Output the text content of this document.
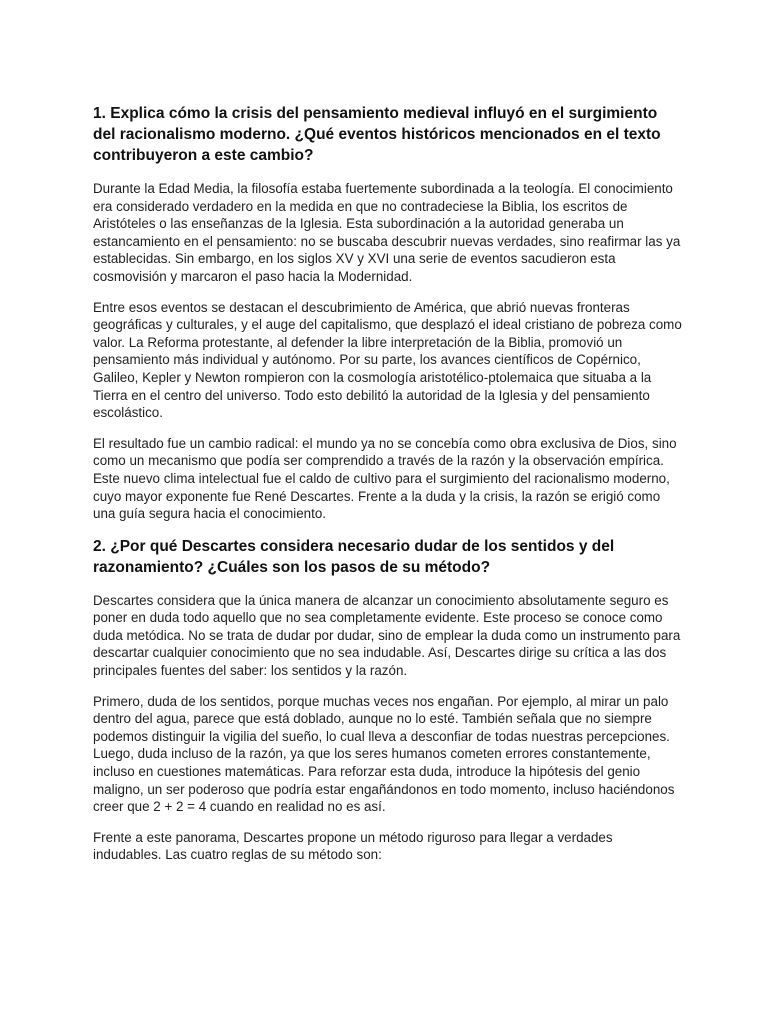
1. Explica cómo la crisis del pensamiento medieval influyó en el surgimiento del racionalismo moderno. ¿Qué eventos históricos mencionados en el texto contribuyeron a este cambio?

Durante la Edad Media, la filosofía estaba fuertemente subordinada a la teología. El conocimiento era considerado verdadero en la medida en que no contradeciese la Biblia, los escritos de Aristóteles o las enseñanzas de la Iglesia. Esta subordinación a la autoridad generaba un estancamiento en el pensamiento: no se buscaba descubrir nuevas verdades, sino reafirmar las ya establecidas. Sin embargo, en los siglos XV y XVI una serie de eventos sacudieron esta cosmovisión y marcaron el paso hacia la Modernidad.

Entre esos eventos se destacan el descubrimiento de América, que abrió nuevas fronteras geográficas y culturales, y el auge del capitalismo, que desplazó el ideal cristiano de pobreza como valor. La Reforma protestante, al defender la libre interpretación de la Biblia, promovió un pensamiento más individual y autónomo. Por su parte, los avances científicos de Copérnico, Galileo, Kepler y Newton rompieron con la cosmología aristotélico-ptolemaica que situaba a la Tierra en el centro del universo. Todo esto debilitó la autoridad de la Iglesia y del pensamiento escolástico.

El resultado fue un cambio radical: el mundo ya no se concebía como obra exclusiva de Dios, sino como un mecanismo que podía ser comprendido a través de la razón y la observación empírica. Este nuevo clima intelectual fue el caldo de cultivo para el surgimiento del racionalismo moderno, cuyo mayor exponente fue René Descartes. Frente a la duda y la crisis, la razón se erigió como una guía segura hacia el conocimiento.

2. ¿Por qué Descartes considera necesario dudar de los sentidos y del razonamiento? ¿Cuáles son los pasos de su método?

Descartes considera que la única manera de alcanzar un conocimiento absolutamente seguro es poner en duda todo aquello que no sea completamente evidente. Este proceso se conoce como duda metódica. No se trata de dudar por dudar, sino de emplear la duda como un instrumento para descartar cualquier conocimiento que no sea indudable. Así, Descartes dirige su crítica a las dos principales fuentes del saber: los sentidos y la razón.

Primero, duda de los sentidos, porque muchas veces nos engañan. Por ejemplo, al mirar un palo dentro del agua, parece que está doblado, aunque no lo esté. También señala que no siempre podemos distinguir la vigilia del sueño, lo cual lleva a desconfiar de todas nuestras percepciones. Luego, duda incluso de la razón, ya que los seres humanos cometen errores constantemente, incluso en cuestiones matemáticas. Para reforzar esta duda, introduce la hipótesis del genio maligno, un ser poderoso que podría estar engañándonos en todo momento, incluso haciéndonos creer que 2 + 2 = 4 cuando en realidad no es así.

Frente a este panorama, Descartes propone un método riguroso para llegar a verdades indudables. Las cuatro reglas de su método son:
